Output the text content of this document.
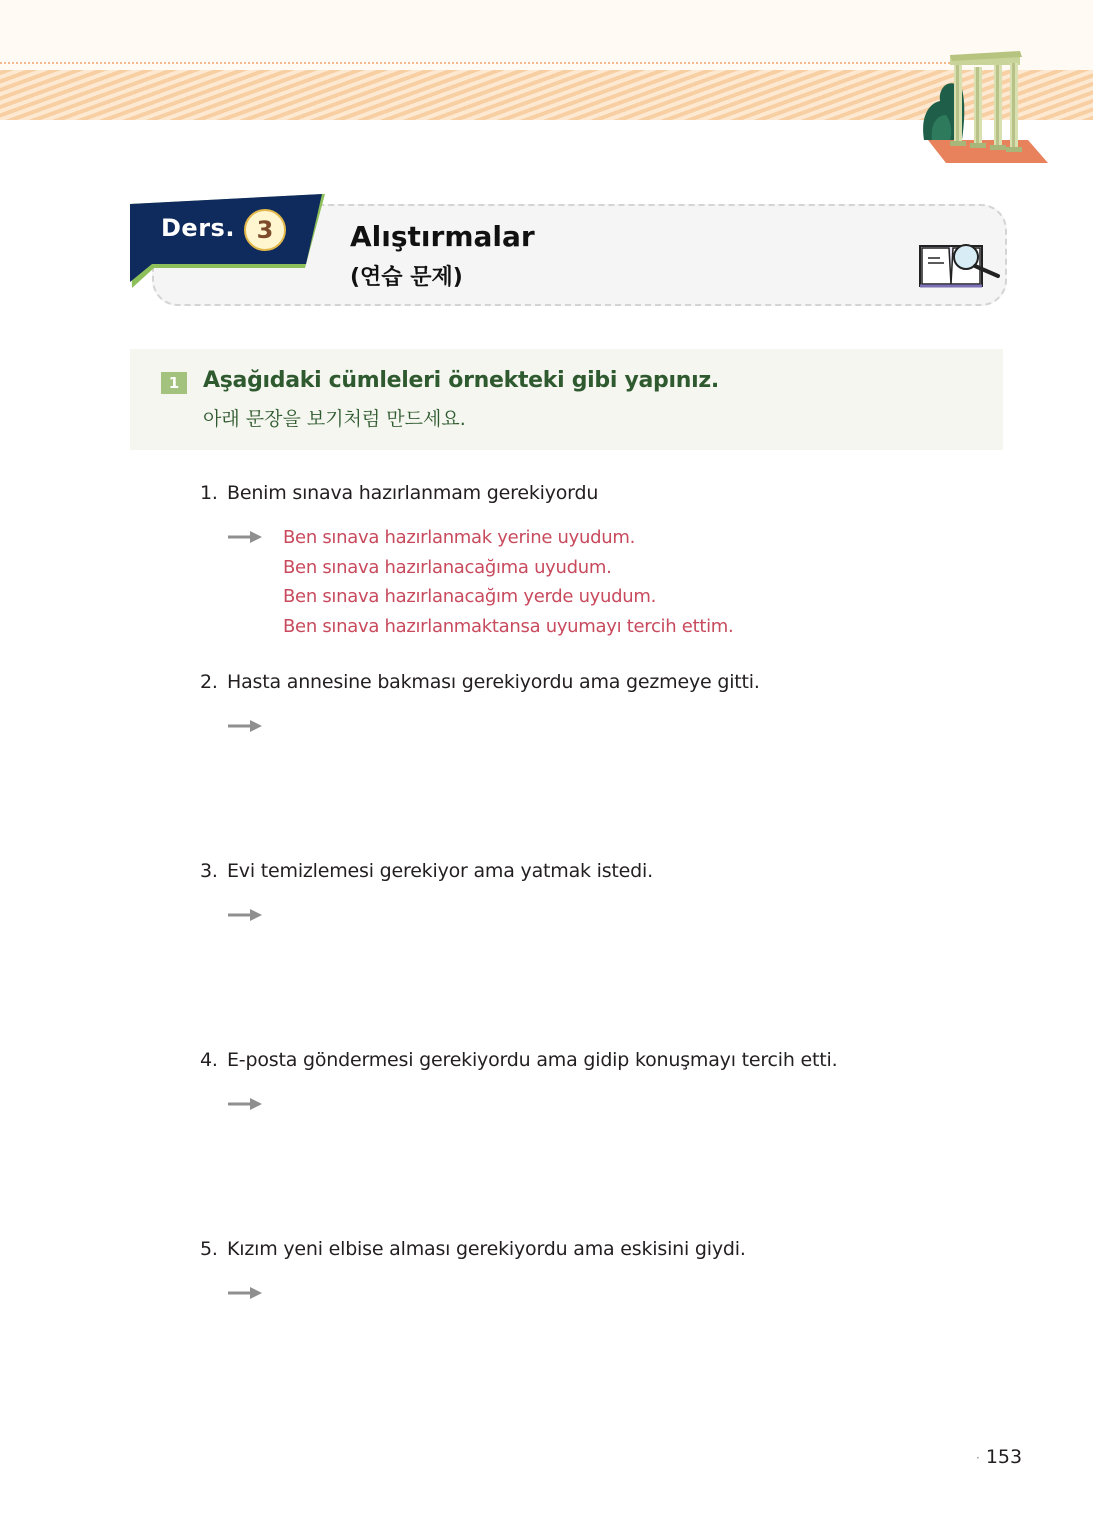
Ders. 3	Alıştırmalar
(연습 문제)
1	Aşağıdaki cümleleri örnekteki gibi yapınız.
아래 문장을 보기처럼 만드세요.
1. Benim sınava hazırlanmam gerekiyordu
Ben sınava hazırlanmak yerine uyudum.
Ben sınava hazırlanacağıma uyudum.
Ben sınava hazırlanacağım yerde uyudum.
Ben sınava hazırlanmaktansa uyumayı tercih ettim.
2. Hasta annesine bakması gerekiyordu ama gezmeye gitti.
3. Evi temizlemesi gerekiyor ama yatmak istedi.
4. E-posta göndermesi gerekiyordu ama gidip konuşmayı tercih etti.
5. Kızım yeni elbise alması gerekiyordu ama eskisini giydi.
· 153
